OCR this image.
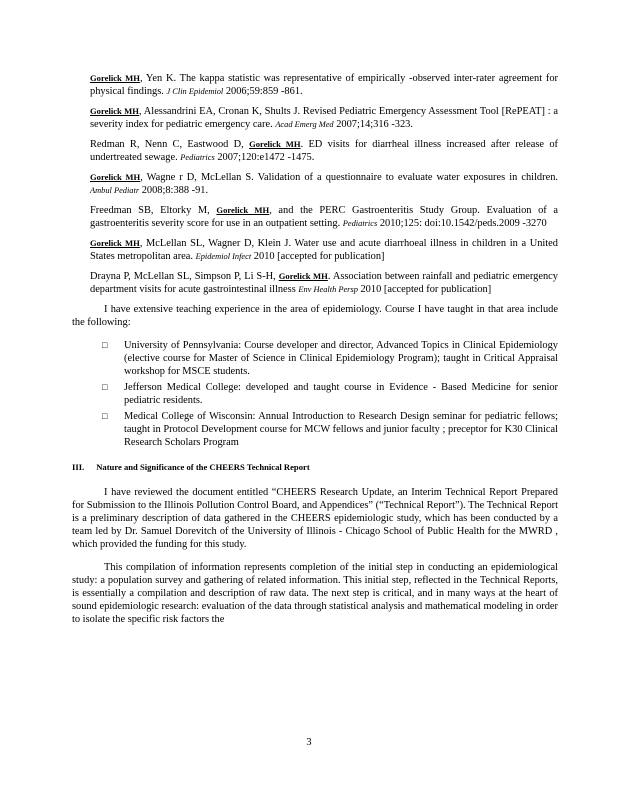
Gorelick MH, Yen K. The kappa statistic was representative of empirically -observed inter-rater agreement for physical findings. J Clin Epidemiol 2006;59:859 -861.

Gorelick MH, Alessandrini EA, Cronan K, Shults J. Revised Pediatric Emergency Assessment Tool [RePEAT] : a severity index for pediatric emergency care. Acad Emerg Med 2007;14;316 -323.

Redman R, Nenn C, Eastwood D, Gorelick MH. ED visits for diarrheal illness increased after release of undertreated sewage. Pediatrics 2007;120:e1472 -1475.

Gorelick MH, Wagne r D, McLellan S. Validation of a questionnaire to evaluate water exposures in children. Ambul Pediatr 2008;8:388 -91.

Freedman SB, Eltorky M, Gorelick MH, and the PERC Gastroenteritis Study Group. Evaluation of a gastroenteritis severity score for use in an outpatient setting. Pediatrics 2010;125: doi:10.1542/peds.2009 -3270

Gorelick MH, McLellan SL, Wagner D, Klein J. Water use and acute diarrhoeal illness in children in a United States metropolitan area. Epidemiol Infect 2010 [accepted for publication]

Drayna P, McLellan SL, Simpson P, Li S-H, Gorelick MH. Association between rainfall and pediatric emergency department visits for acute gastrointestinal illness Env Health Persp 2010 [accepted for publication]

I have extensive teaching experience in the area of epidemiology. Course I have taught in that area include the following:

□ University of Pennsylvania: Course developer and director, Advanced Topics in Clinical Epidemiology (elective course for Master of Science in Clinical Epidemiology Program); taught in Critical Appraisal workshop for MSCE students.
□ Jefferson Medical College: developed and taught course in Evidence - Based Medicine for senior pediatric residents.
□ Medical College of Wisconsin: Annual Introduction to Research Design seminar for pediatric fellows; taught in Protocol Development course for MCW fellows and junior faculty ; preceptor for K30 Clinical Research Scholars Program
III. Nature and Significance of the CHEERS Technical Report

I have reviewed the document entitled “CHEERS Research Update, an Interim Technical Report Prepared for Submission to the Illinois Pollution Control Board, and Appendices” (“Technical Report”). The Technical Report is a preliminary description of data gathered in the CHEERS epidemiologic study, which has been conducted by a team led by Dr. Samuel Dorevitch of the University of Illinois - Chicago School of Public Health for the MWRD , which provided the funding for this study.

This compilation of information represents completion of the initial step in conducting an epidemiological study: a population survey and gathering of related information. This initial step, reflected in the Technical Reports, is essentially a compilation and description of raw data. The next step is critical, and in many ways at the heart of sound epidemiologic research: evaluation of the data through statistical analysis and mathematical modeling in order to isolate the specific risk factors the

3
